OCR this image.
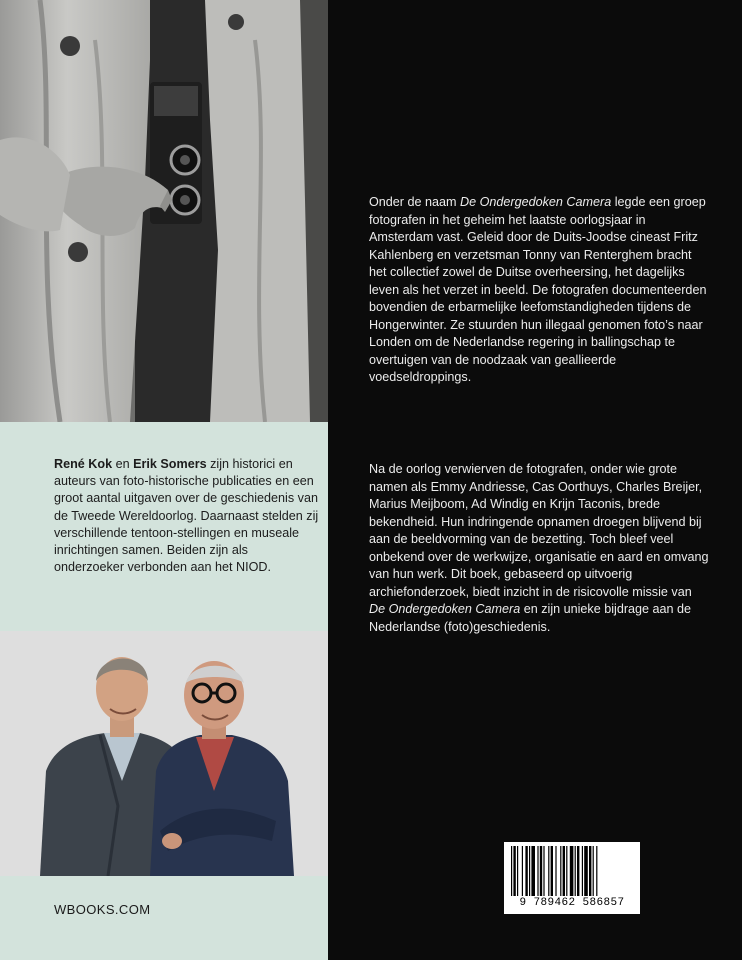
René Kok en Erik Somers zijn historici en auteurs van foto-historische publicaties en een groot aantal uitgaven over de geschiedenis van de Tweede Wereldoorlog. Daarnaast stelden zij verschillende tentoon-stellingen en museale inrichtingen samen. Beiden zijn als onderzoeker verbonden aan het NIOD.
WBOOKS.COM

Onder de naam De Ondergedoken Camera legde een groep fotografen in het geheim het laatste oorlogsjaar in Amsterdam vast. Geleid door de Duits-Joodse cineast Fritz Kahlenberg en verzetsman Tonny van Renterghem bracht het collectief zowel de Duitse overheersing, het dagelijks leven als het verzet in beeld. De fotografen documenteerden bovendien de erbarmelijke leefomstandigheden tijdens de Hongerwinter. Ze stuurden hun illegaal genomen foto’s naar Londen om de Nederlandse regering in ballingschap te overtuigen van de noodzaak van geallieerde voedseldroppings.

Na de oorlog verwierven de fotografen, onder wie grote namen als Emmy Andriesse, Cas Oorthuys, Charles Breijer, Marius Meijboom, Ad Windig en Krijn Taconis, brede bekendheid. Hun indringende opnamen droegen blijvend bij aan de beeldvorming van de bezetting. Toch bleef veel onbekend over de werkwijze, organisatie en aard en omvang van hun werk. Dit boek, gebaseerd op uitvoerig archiefonderzoek, biedt inzicht in de risicovolle missie van De Ondergedoken Camera en zijn unieke bijdrage aan de Nederlandse (foto)geschiedenis.

9 789462 586857
